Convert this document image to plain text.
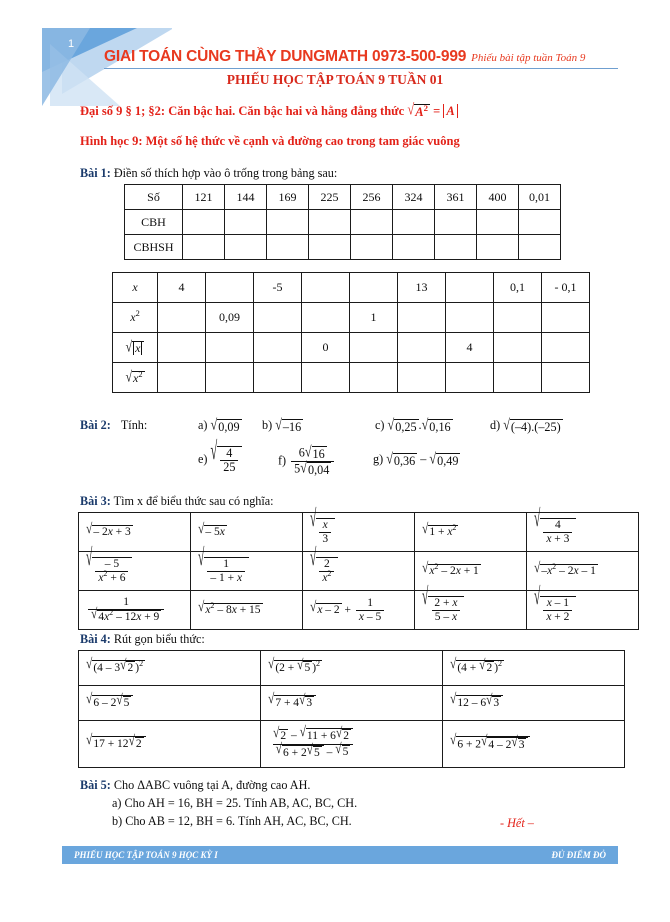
1
GIAI TOÁN CÙNG THẦY DUNGMATH 0973-500-999 Phiếu bài tập tuần Toán 9
PHIẾU HỌC TẬP TOÁN 9 TUẦN 01
Đại số 9 § 1; §2: Căn bậc hai. Căn bậc hai và hằng đẳng thức √ $A^2 = A$
Hình học 9: Một số hệ thức về cạnh và đường cao trong tam giác vuông
Bài 1: Điền số thích hợp vào ô trống trong bảng sau:
Số	121	144	169	225	256	324	361	400	0,01
CBH									
CBHSH									
x	4		-5			13		0,1	- 0,1
$x^2$		0,09			1				

√ x				0			4		

√ $x^2$

Bài 2: Tính:	a) √ 0,09 b) √ –16	c) √ 0,25 . √ 0,16	d) √ (–4).(–25)
e) √ $\frac{4}{25}$	$f) \frac{6 √ 16}{5 √ 0,04}$	g) √ 0,36 – √ 0,49
Bài 3: Tìm x để biểu thức sau có nghĩa:
√ – 2x + 3	√ – 5x	√ $\frac{x}{3}$	√ $1 + x^2$	√ $\frac{4}{x + 3}$

√ $\frac{- 5}{x^2 + 6}$	√ $\frac{1}{- 1 + x}$	√ $\frac{2}{x^2}$	√ $x^2 - 2x + 1$	√ $-x^2 - 2x - 1$

$\frac{1}{√ 4x^2 - 12x + 9}$	√ $x^2 - 8x + 15$	√ $x - 2 + \frac{1}{x - 5}$	√ $\frac{2 + x}{5 - x}$	√ $\frac{x - 1}{x + 2}$
Bài 4: Rút gọn biểu thức:
√ (4 – 3 √ 2 )$^2$	√ (2 + √ 5 )$^2$	√ (4 + √ 2 )$^2$

√ 6 – 2 √ 5	√ 7 + 4 √ 3	√ 12 – 6 √ 3

√ 17 + 12 √ 2	$\frac{√ 2 - √ 11 + 6 √ 2}{√ 6 + 2 √ 5 - √ 5}$	√ 6 + 2 √ 4 – 2 √ 3
Bài 5: Cho ΔABC vuông tại A, đường cao AH.
a) Cho AH = 16, BH = 25. Tính AB, AC, BC, CH.
b) Cho AB = 12, BH = 6. Tính AH, AC, BC, CH.	- Hết –
PHIẾU HỌC TẬP TOÁN 9 HỌC KỲ I	ĐỦ ĐIỂM ĐỎ
